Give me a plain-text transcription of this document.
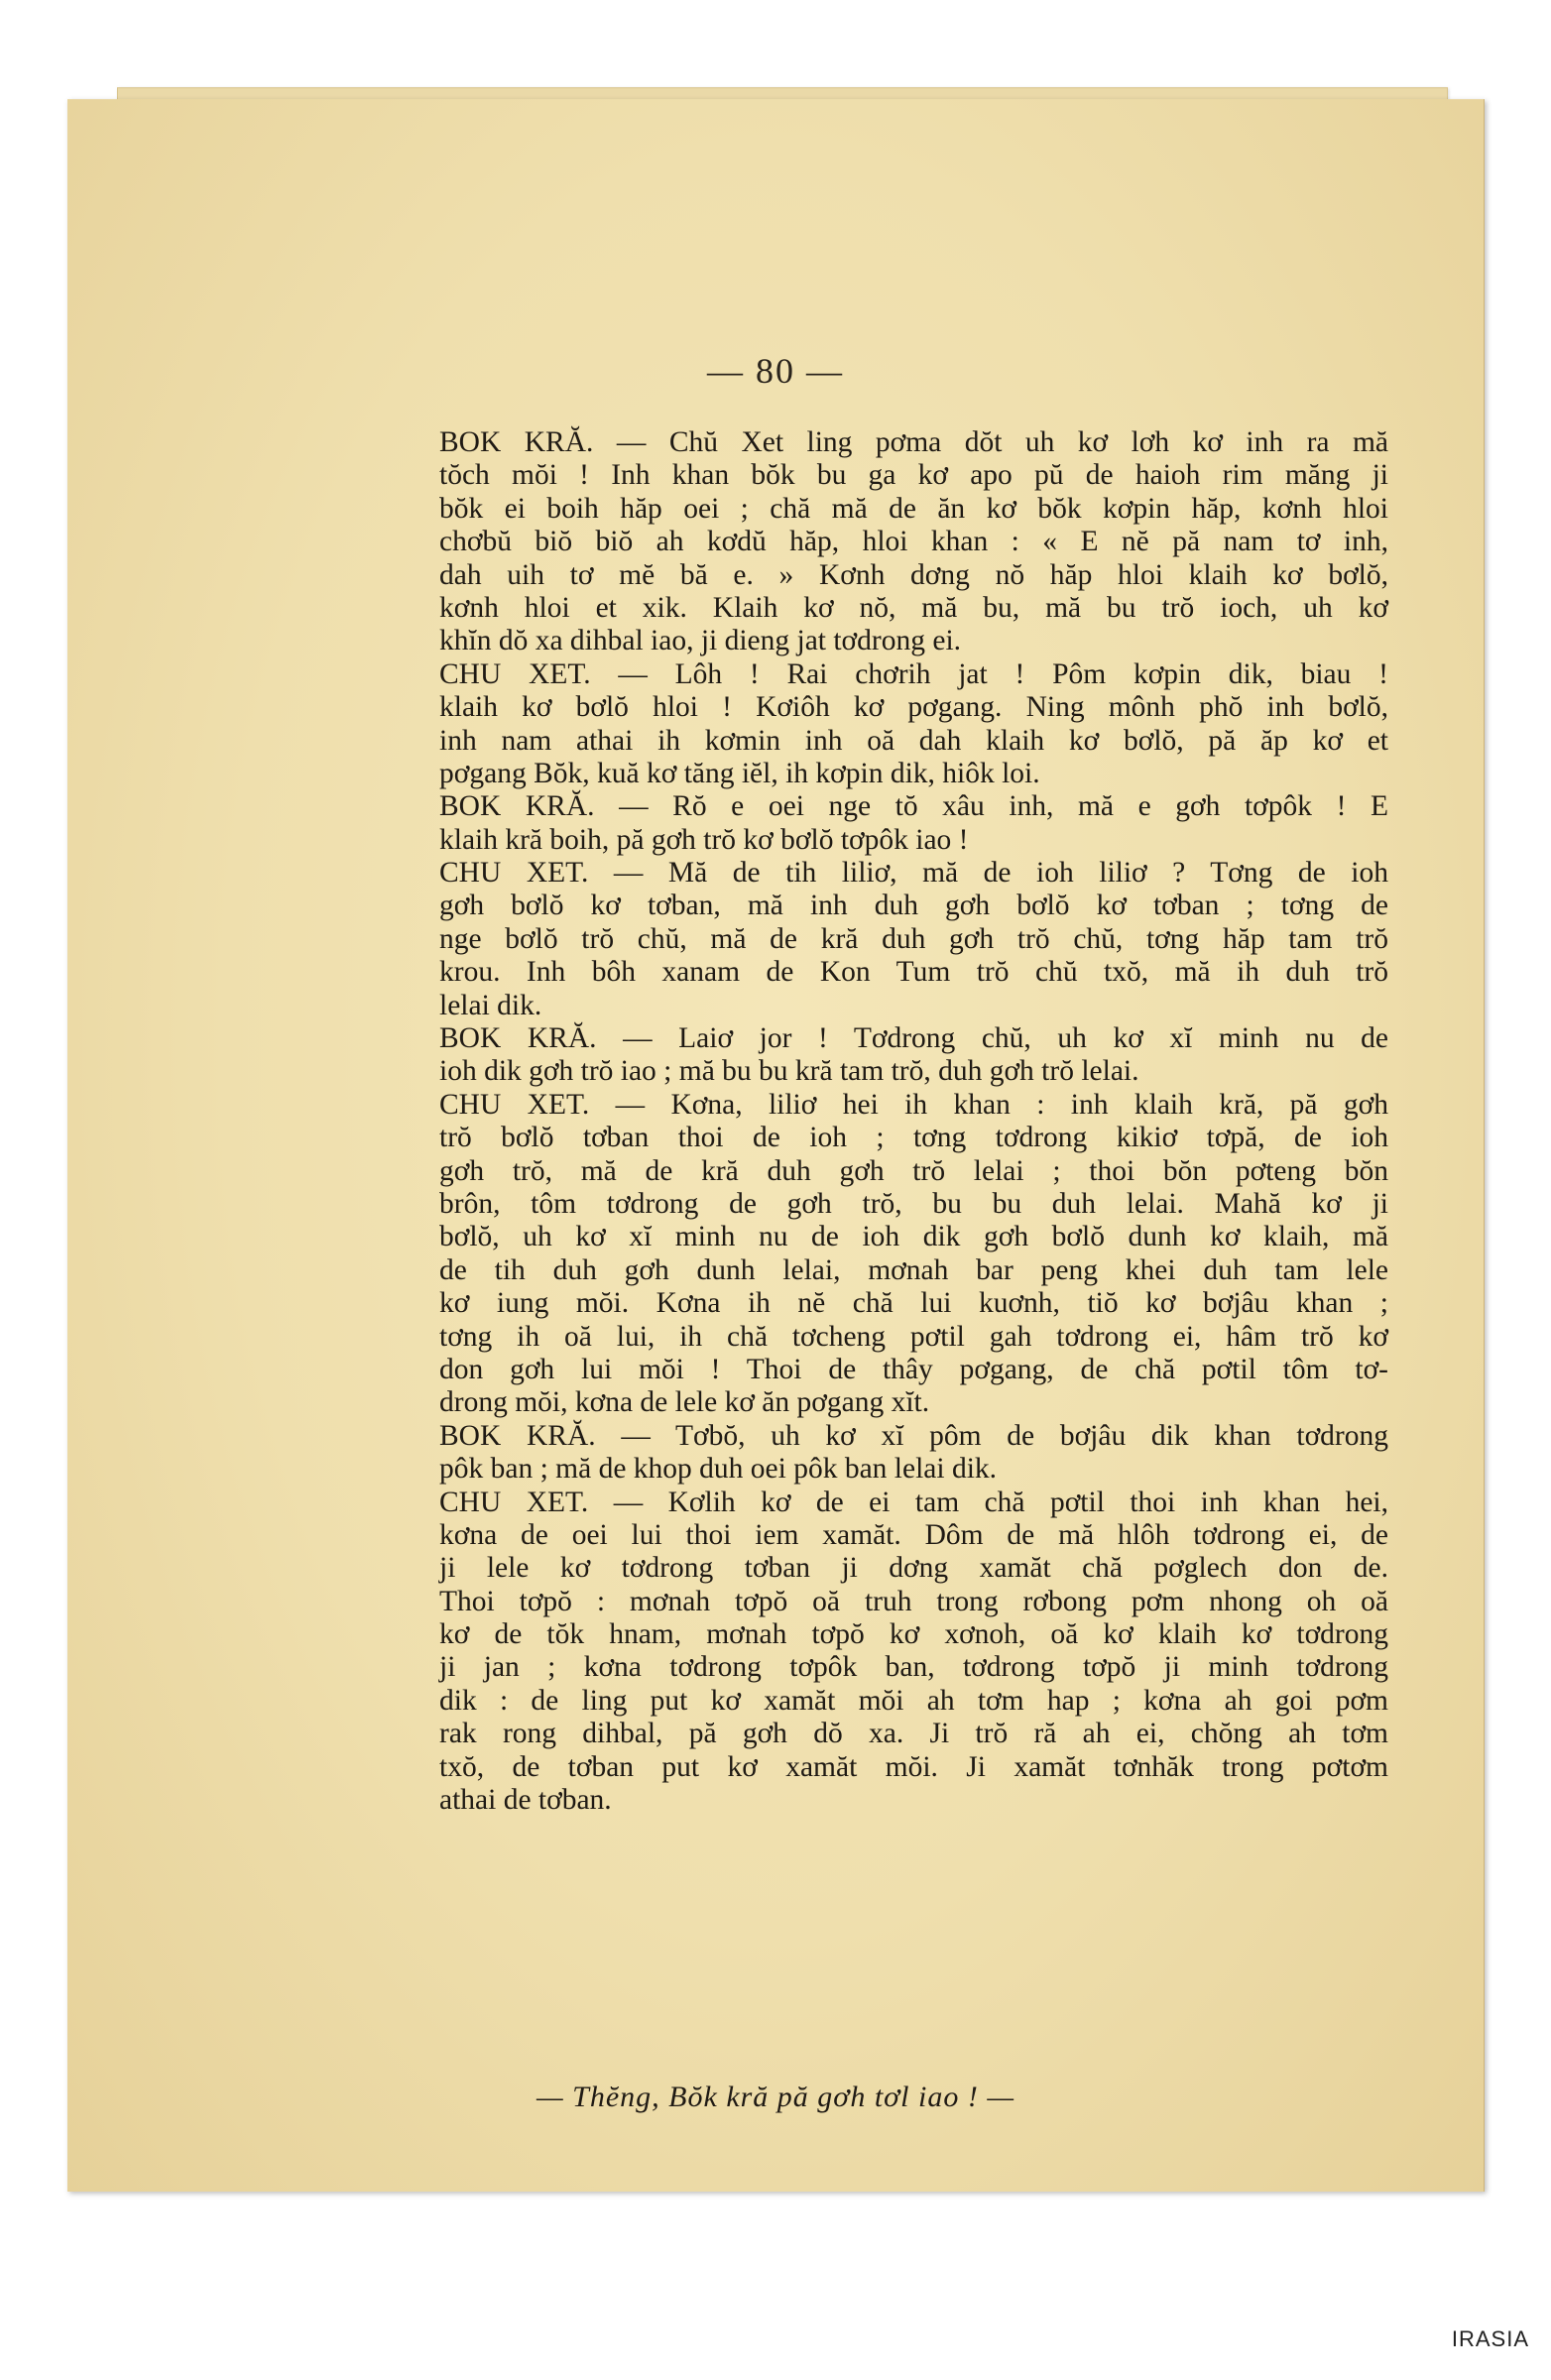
— 80 —
BOK KRĂ. — Chŭ Xet ling pơma dŏt uh kơ lơh kơ inh ra mă
tŏch mŏi ! Inh khan bŏk bu ga kơ apo pŭ de haioh rim măng ji
bŏk ei boih hăp oei ; chă mă de ăn kơ bŏk kơpin hăp, kơnh hloi
chơbŭ biŏ biŏ ah kơdŭ hăp, hloi khan : « E nĕ pă nam tơ inh,
dah uih tơ mĕ bă e. » Kơnh dơng nŏ hăp hloi klaih kơ bơlŏ,
kơnh hloi et xik. Klaih kơ nŏ, mă bu, mă bu trŏ ioch, uh kơ
khĭn dŏ xa dihbal iao, ji dieng jat tơdrong ei.
CHU XET. — Lôh ! Rai chơrih jat ! Pôm kơpin dik, biau !
klaih kơ bơlŏ hloi ! Kơiôh kơ pơgang. Ning mônh phŏ inh bơlŏ,
inh nam athai ih kơmin inh oă dah klaih kơ bơlŏ, pă ăp kơ et
pơgang Bŏk, kuă kơ tăng iĕl, ih kơpin dik, hiôk loi.
BOK KRĂ. — Rŏ e oei nge tŏ xâu inh, mă e gơh tơpôk ! E
klaih kră boih, pă gơh trŏ kơ bơlŏ tơpôk iao !
CHU XET. — Mă de tih liliơ, mă de ioh liliơ ? Tơng de ioh
gơh bơlŏ kơ tơban, mă inh duh gơh bơlŏ kơ tơban ; tơng de
nge bơlŏ trŏ chŭ, mă de kră duh gơh trŏ chŭ, tơng hăp tam trŏ
krou. Inh bôh xanam de Kon Tum trŏ chŭ txŏ, mă ih duh trŏ
lelai dik.
BOK KRĂ. — Laiơ jor ! Tơdrong chŭ, uh kơ xĭ minh nu de
ioh dik gơh trŏ iao ; mă bu bu kră tam trŏ, duh gơh trŏ lelai.
CHU XET. — Kơna, liliơ hei ih khan : inh klaih kră, pă gơh
trŏ bơlŏ tơban thoi de ioh ; tơng tơdrong kikiơ tơpă, de ioh
gơh trŏ, mă de kră duh gơh trŏ lelai ; thoi bŏn pơteng bŏn
brôn, tôm tơdrong de gơh trŏ, bu bu duh lelai. Mahă kơ ji
bơlŏ, uh kơ xĭ minh nu de ioh dik gơh bơlŏ dunh kơ klaih, mă
de tih duh gơh dunh lelai, mơnah bar peng khei duh tam lele
kơ iung mŏi. Kơna ih nĕ chă lui kuơnh, tiŏ kơ bơjâu khan ;
tơng ih oă lui, ih chă tơcheng pơtil gah tơdrong ei, hâm trŏ kơ
don gơh lui mŏi ! Thoi de thây pơgang, de chă pơtil tôm tơ-
drong mŏi, kơna de lele kơ ăn pơgang xĭt.
BOK KRĂ. — Tơbŏ, uh kơ xĭ pôm de bơjâu dik khan tơdrong
pôk ban ; mă de khop duh oei pôk ban lelai dik.
CHU XET. — Kơlih kơ de ei tam chă pơtil thoi inh khan hei,
kơna de oei lui thoi iem xamăt. Dôm de mă hlôh tơdrong ei, de
ji lele kơ tơdrong tơban ji dơng xamăt chă pơglech don de.
Thoi tơpŏ : mơnah tơpŏ oă truh trong rơbong pơm nhong oh oă
kơ de tŏk hnam, mơnah tơpŏ kơ xơnoh, oă kơ klaih kơ tơdrong
ji jan ; kơna tơdrong tơpôk ban, tơdrong tơpŏ ji minh tơdrong
dik : de ling put kơ xamăt mŏi ah tơm hap ; kơna ah goi pơm
rak rong dihbal, pă gơh dŏ xa. Ji trŏ ră ah ei, chŏng ah tơm
txŏ, de tơban put kơ xamăt mŏi. Ji xamăt tơnhăk trong pơtơm
athai de tơban.
— Thĕng, Bŏk kră pă gơh tơl iao ! —
IRASIA
